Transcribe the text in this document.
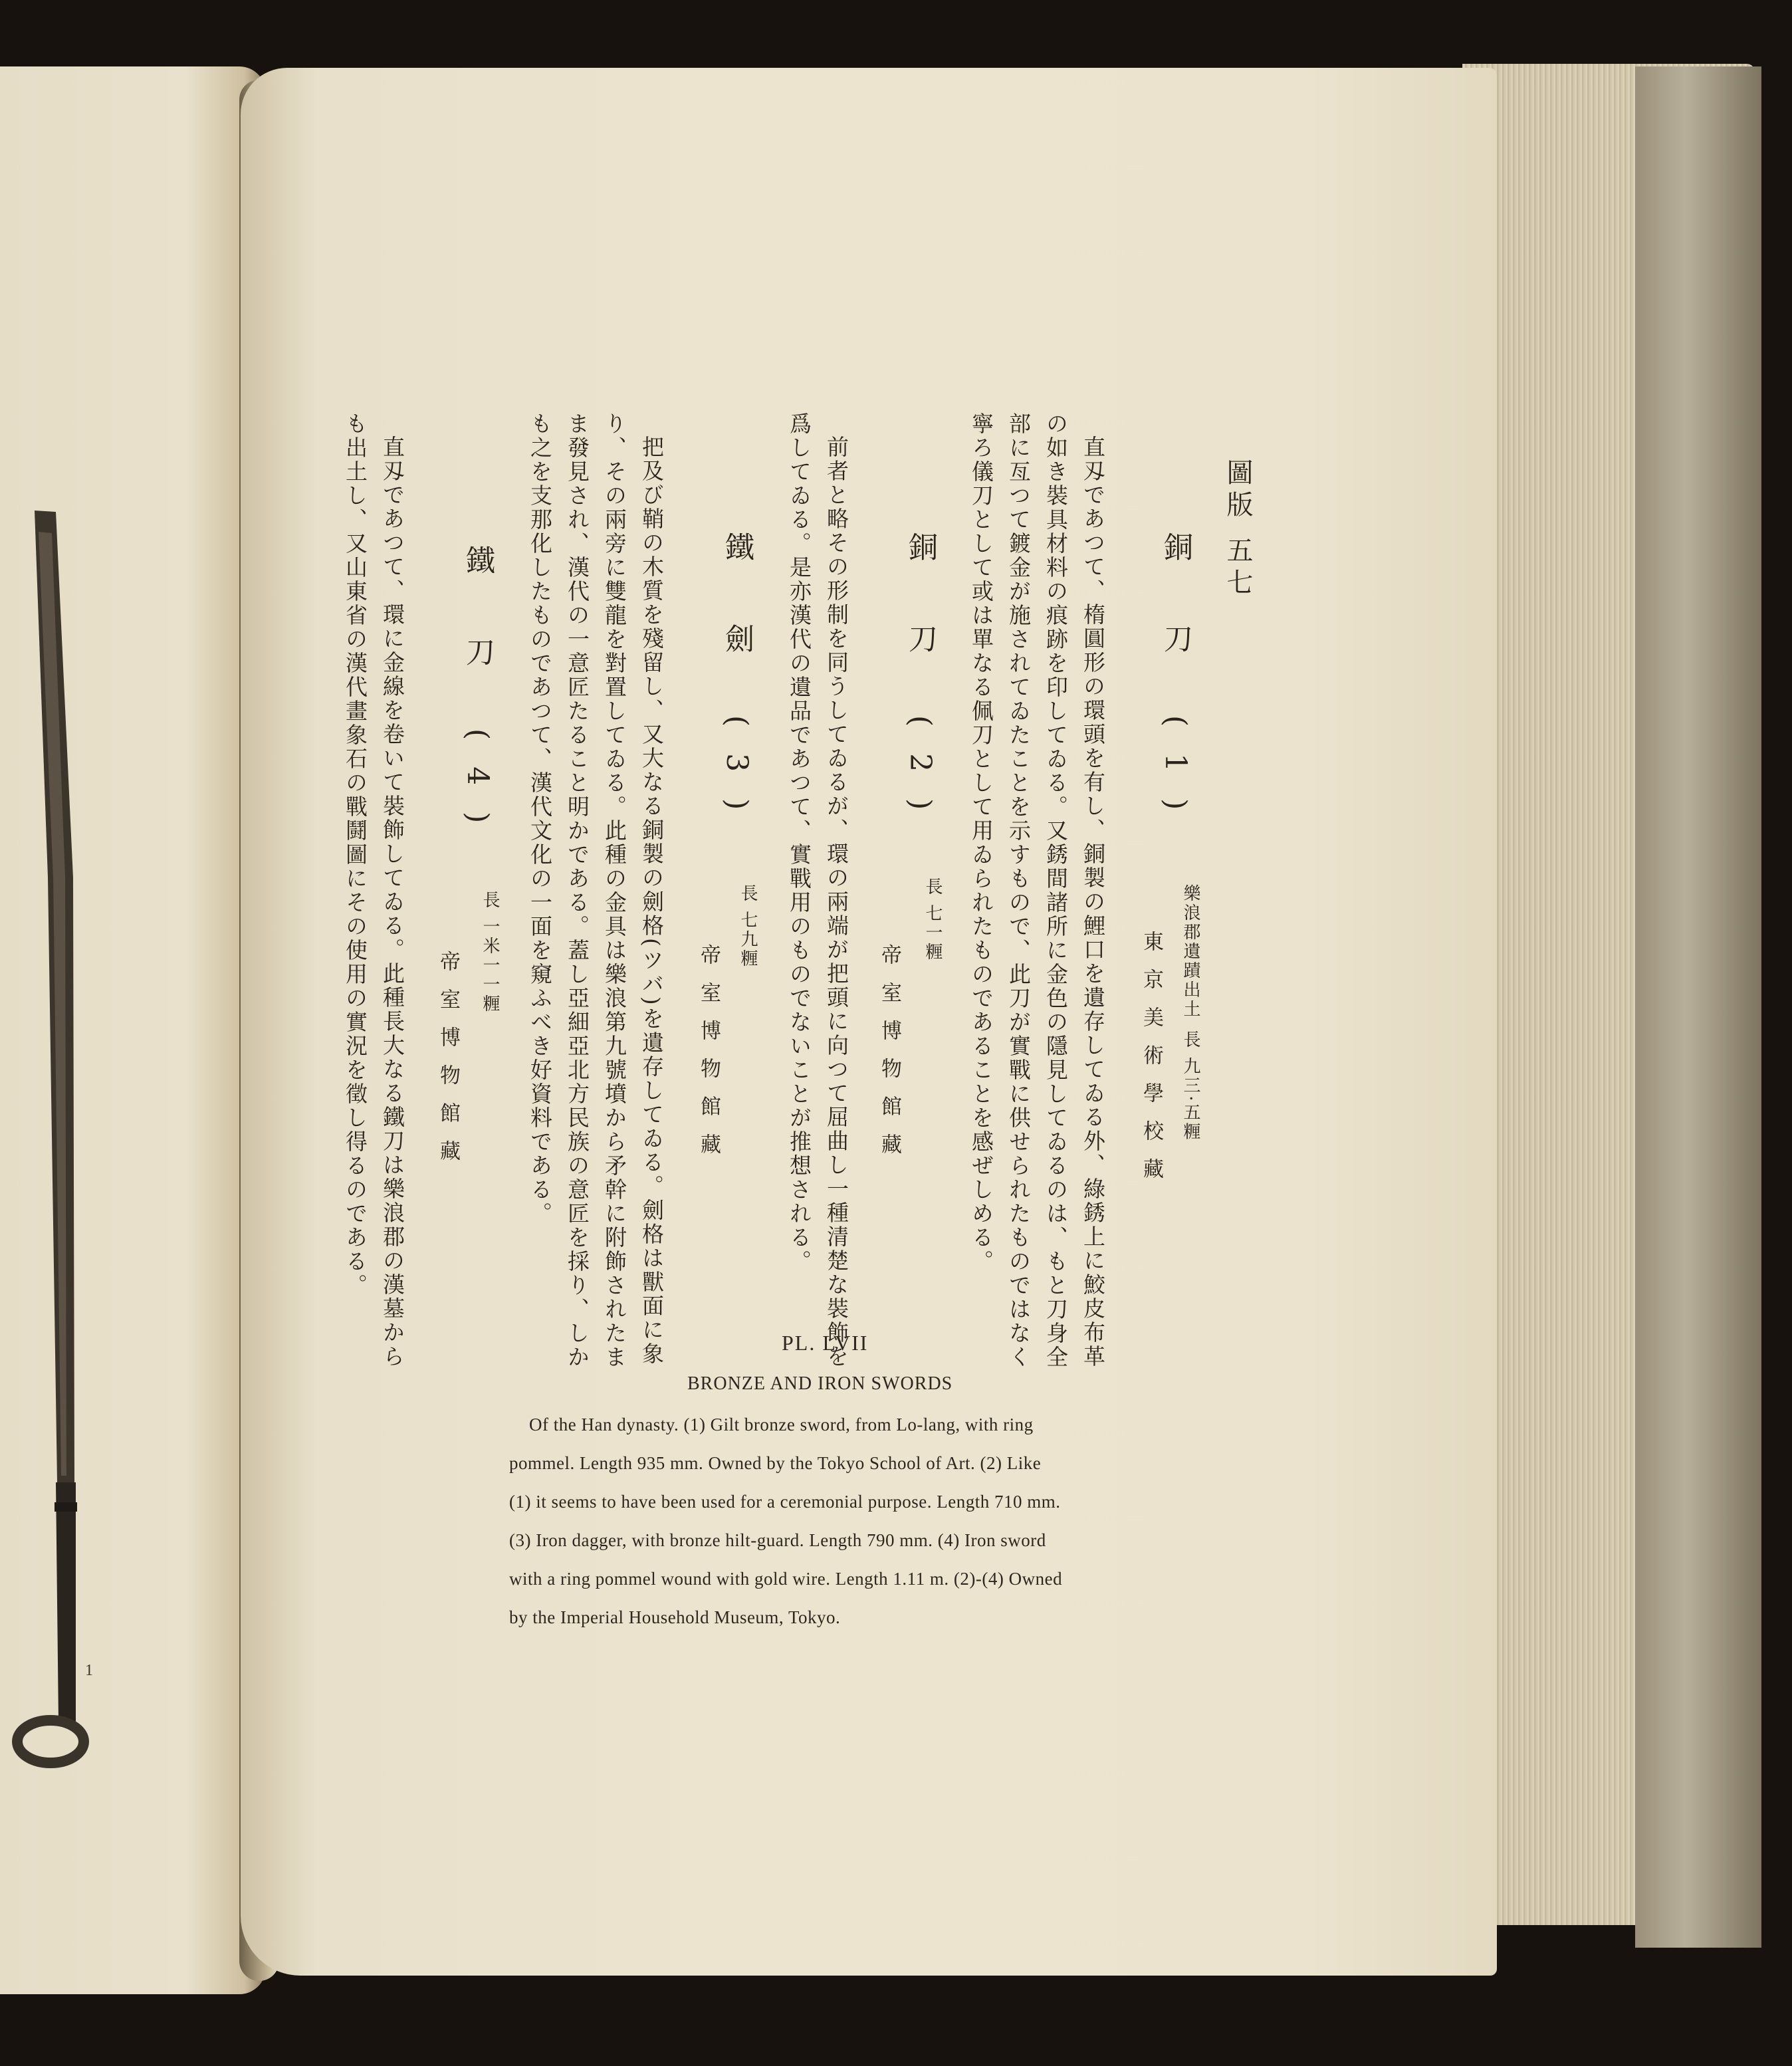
1
圖版 五七
銅 刀 (1)
樂浪郡遺蹟出土
長 九三·五糎
東京美術學校藏
直刄であつて、楕圓形の環頭を有し、銅製の鯉口を遺存してゐる外、綠銹上に鮫皮布革
の如き裝具材料の痕跡を印してゐる。又銹間諸所に金色の隱見してゐるのは、もと刀身全
部に亙つて鍍金が施されてゐたことを示すもので、此刀が實戰に供せられたものではなく
寧ろ儀刀として或は單なる佩刀として用ゐられたものであることを感ぜしめる。
銅 刀 (2)
長 七一糎
帝室博物館藏
前者と略その形制を同うしてゐるが、環の兩端が把頭に向つて屈曲し一種清楚な裝飾を
爲してゐる。是亦漢代の遺品であつて、實戰用のものでないことが推想される。
鐵 劍 (3)
長 七九糎
帝室博物館藏
把及び鞘の木質を殘留し、又大なる銅製の劍格(ツバ)を遺存してゐる。劍格は獸面に象
り、その兩旁に雙龍を對置してゐる。此種の金具は樂浪第九號墳から矛幹に附飾されたま
ま發見され、漢代の一意匠たること明かである。蓋し亞細亞北方民族の意匠を採り、しか
も之を支那化したものであつて、漢代文化の一面を窺ふべき好資料である。
鐵 刀 (4)
長 一米一一糎
帝室博物館藏
直刄であつて、環に金線を卷いて裝飾してゐる。此種長大なる鐵刀は樂浪郡の漢墓から
も出土し、又山東省の漢代畫象石の戰鬪圖にその使用の實況を徵し得るのである。
PL. LVII
BRONZE AND IRON SWORDS
Of the Han dynasty. (1) Gilt bronze sword, from Lo-lang, with ring
pommel. Length 935 mm. Owned by the Tokyo School of Art. (2) Like
(1) it seems to have been used for a ceremonial purpose. Length 710 mm.
(3) Iron dagger, with bronze hilt-guard. Length 790 mm. (4) Iron sword
with a ring pommel wound with gold wire. Length 1.11 m. (2)-(4) Owned
by the Imperial Household Museum, Tokyo.
